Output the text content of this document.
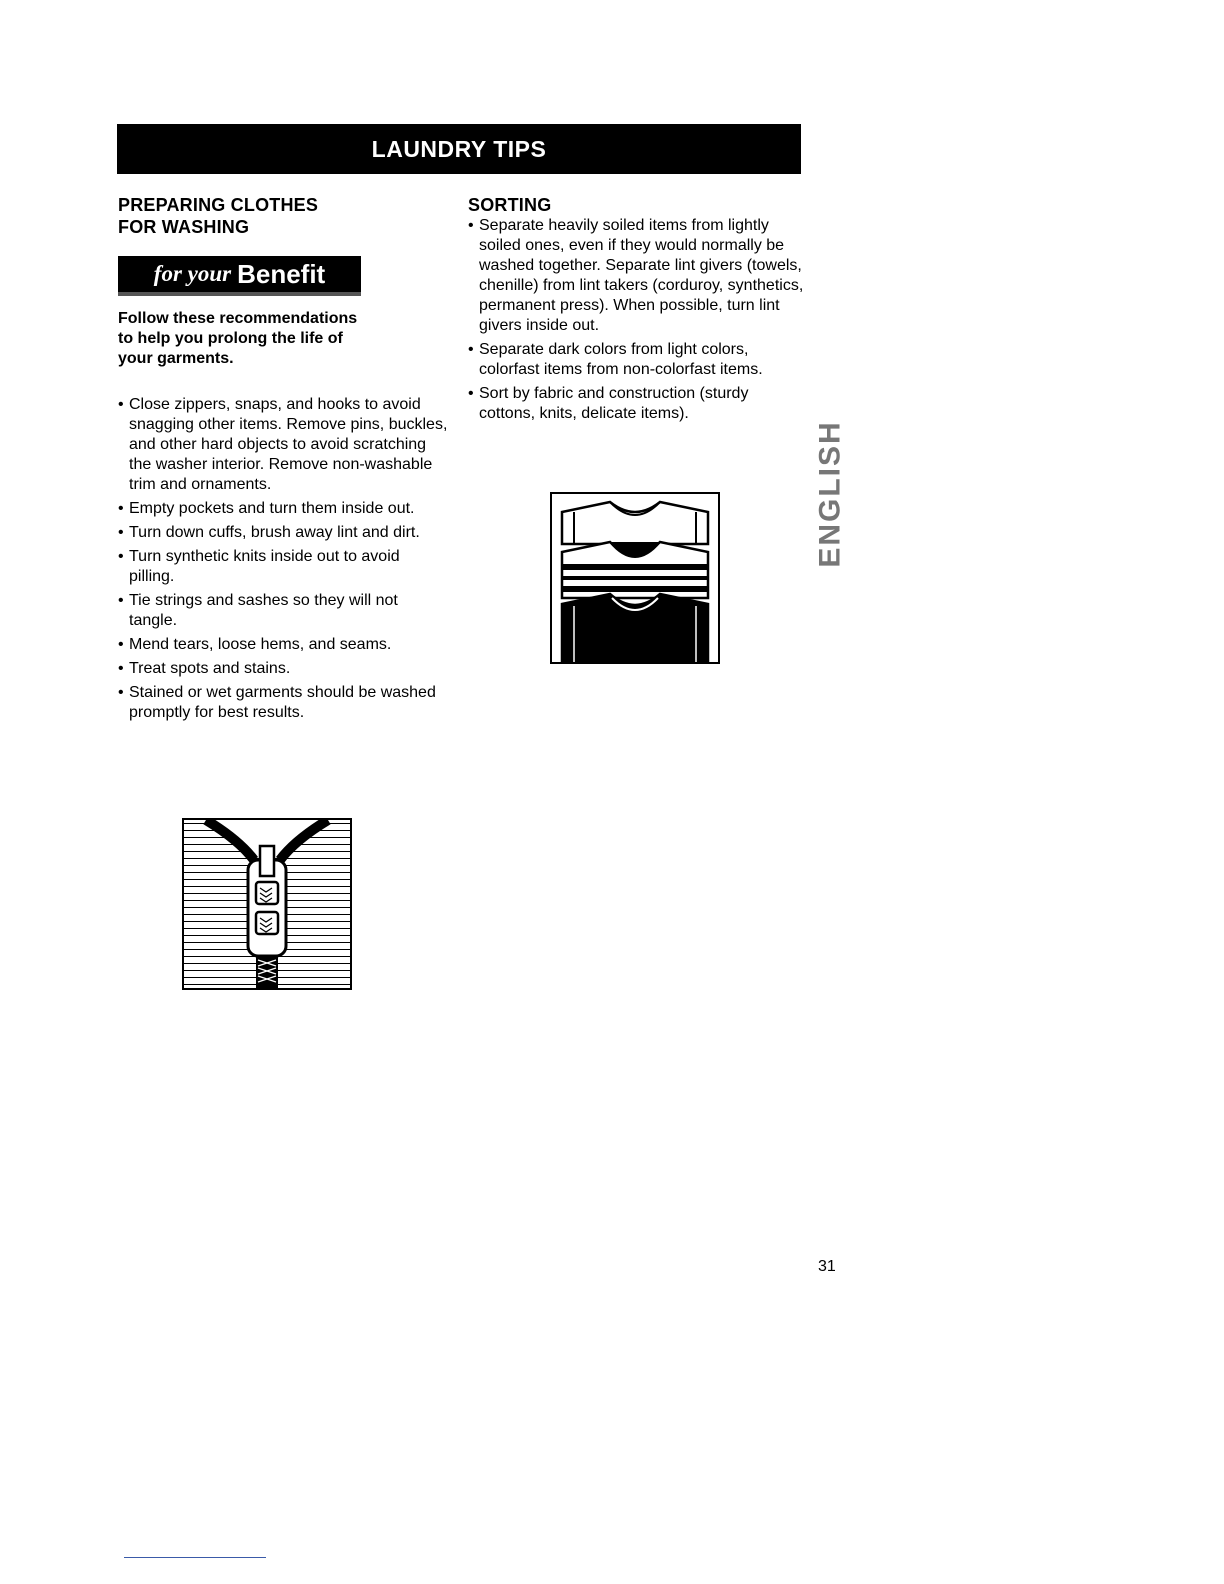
LAUNDRY TIPS

PREPARING CLOTHES
FOR WASHING

for your Benefit
Follow these recommendations
to help you prolong the life of
your garments.
• Close zippers, snaps, and hooks to avoid snagging other items. Remove pins, buckles, and other hard objects to avoid scratching the washer interior. Remove non-washable trim and ornaments.
• Empty pockets and turn them inside out.
• Turn down cuffs, brush away lint and dirt.
• Turn synthetic knits inside out to avoid pilling.
• Tie strings and sashes so they will not tangle.
• Mend tears, loose hems, and seams.
• Treat spots and stains.
• Stained or wet garments should be washed promptly for best results.

SORTING

• Separate heavily soiled items from lightly soiled ones, even if they would normally be washed together. Separate lint givers (towels, chenille) from lint takers (corduroy, synthetics, permanent press). When possible, turn lint givers inside out.
• Separate dark colors from light colors, colorfast items from non-colorfast items.
• Sort by fabric and construction (sturdy cottons, knits, delicate items).
ENGLISH
31
